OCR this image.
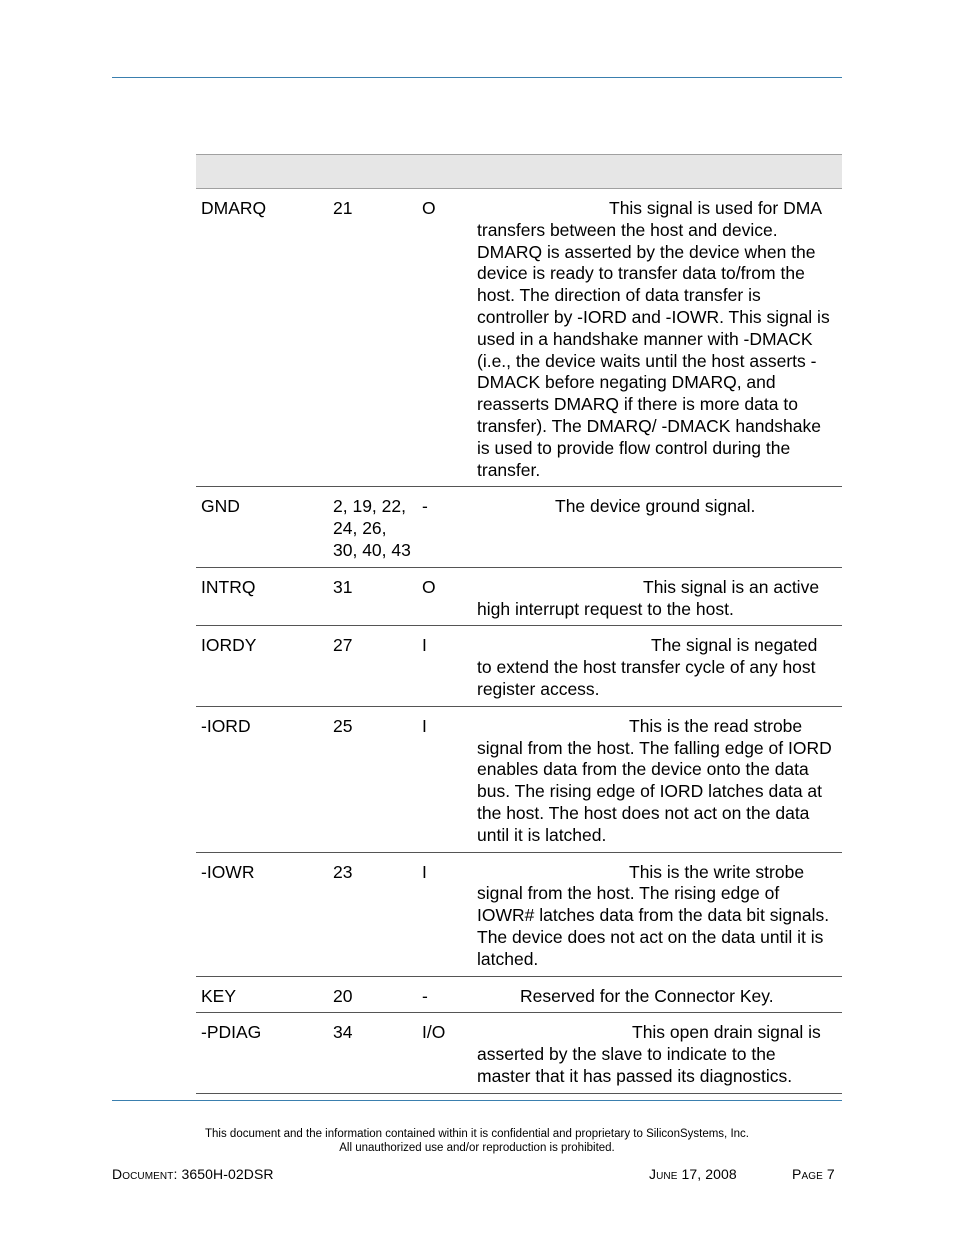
DMARQ	21	O	This signal is used for DMA transfers between the host and device. DMARQ is asserted by the device when the device is ready to transfer data to/from the host. The direction of data transfer is controller by -IORD and -IOWR. This signal is used in a handshake manner with -DMACK (i.e., the device waits until the host asserts -DMACK before negating DMARQ, and reasserts DMARQ if there is more data to transfer). The DMARQ/ -DMACK handshake is used to provide flow control during the transfer.
GND	2, 19, 22, 24, 26, 30, 40, 43	-	The device ground signal.
INTRQ	31	O	This signal is an active high interrupt request to the host.
IORDY	27	I	The signal is negated to extend the host transfer cycle of any host register access.
-IORD	25	I	This is the read strobe signal from the host. The falling edge of IORD enables data from the device onto the data bus. The rising edge of IORD latches data at the host. The host does not act on the data until it is latched.
-IOWR	23	I	This is the write strobe signal from the host. The rising edge of IOWR# latches data from the data bit signals. The device does not act on the data until it is latched.
KEY	20	-	Reserved for the Connector Key.
-PDIAG	34	I/O	This open drain signal is asserted by the slave to indicate to the master that it has passed its diagnostics.
This document and the information contained within it is confidential and proprietary to SiliconSystems, Inc.
All unauthorized use and/or reproduction is prohibited.
Document: 3650H-02DSR	June 17, 2008	Page 7
